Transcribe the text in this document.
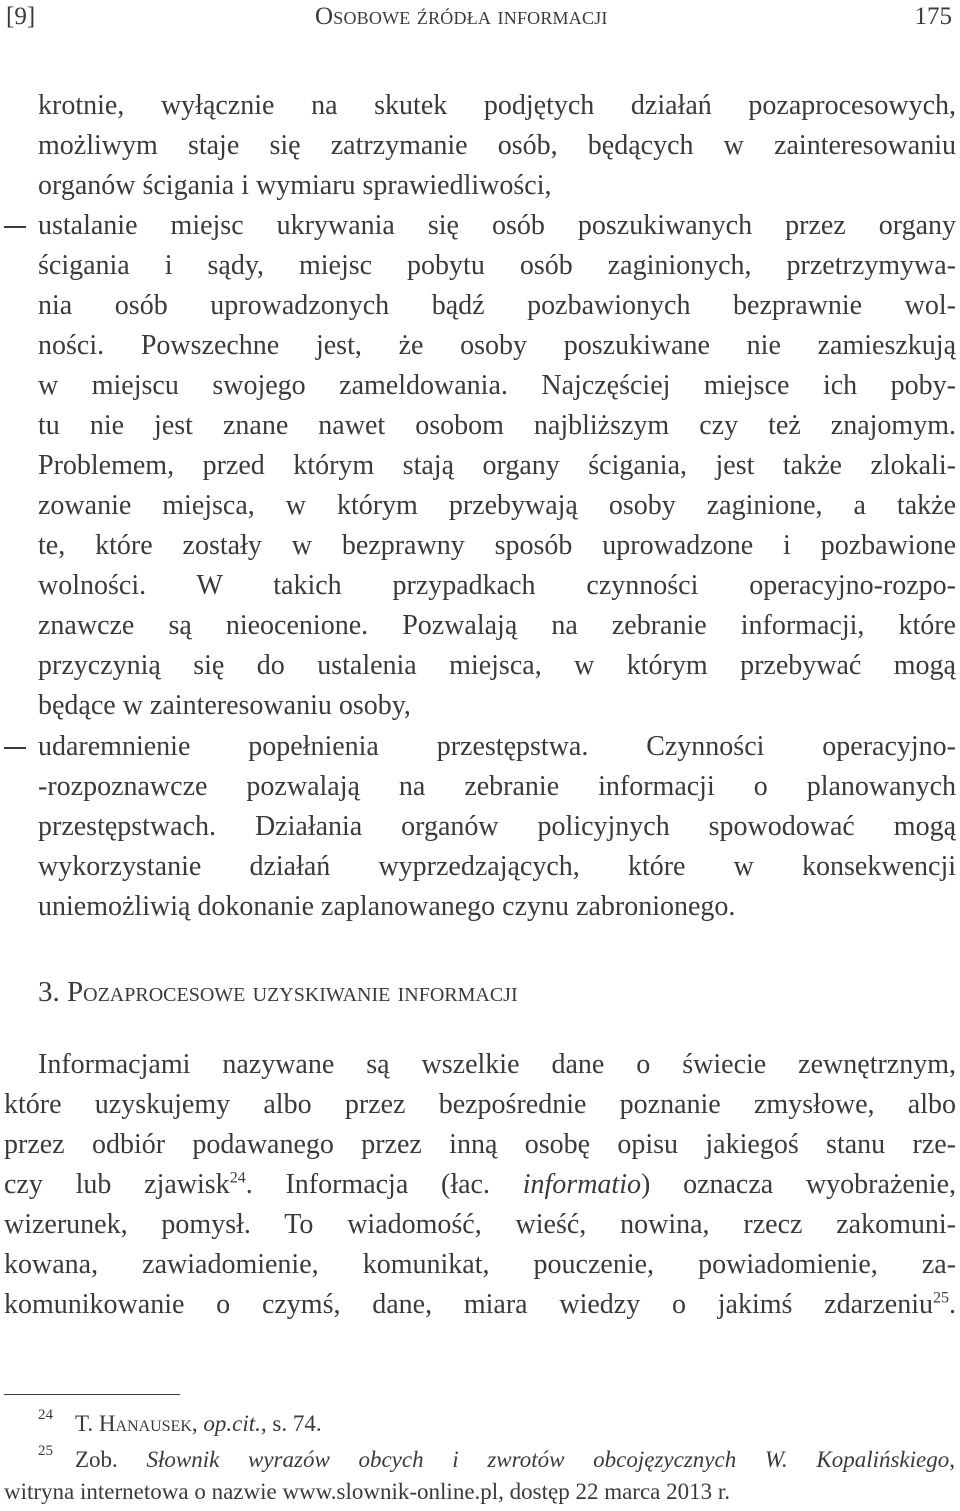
[9]	Osobowe źródła informacji	175
krotnie, wyłącznie na skutek podjętych działań pozaprocesowych,
możliwym staje się zatrzymanie osób, będących w zainteresowaniu
organów ścigania i wymiaru sprawiedliwości,
ustalanie miejsc ukrywania się osób poszukiwanych przez organy
ścigania i sądy, miejsc pobytu osób zaginionych, przetrzymywa-
nia osób uprowadzonych bądź pozbawionych bezprawnie wol-
ności. Powszechne jest, że osoby poszukiwane nie zamieszkują
w miejscu swojego zameldowania. Najczęściej miejsce ich poby-
tu nie jest znane nawet osobom najbliższym czy też znajomym.
Problemem, przed którym stają organy ścigania, jest także zlokali-
zowanie miejsca, w którym przebywają osoby zaginione, a także
te, które zostały w bezprawny sposób uprowadzone i pozbawione
wolności. W takich przypadkach czynności operacyjno-rozpo-
znawcze są nieocenione. Pozwalają na zebranie informacji, które
przyczynią się do ustalenia miejsca, w którym przebywać mogą
będące w zainteresowaniu osoby,
udaremnienie popełnienia przestępstwa. Czynności operacyjno-
-rozpoznawcze pozwalają na zebranie informacji o planowanych
przestępstwach. Działania organów policyjnych spowodować mogą
wykorzystanie działań wyprzedzających, które w konsekwencji
uniemożliwią dokonanie zaplanowanego czynu zabronionego.
3. Pozaprocesowe uzyskiwanie informacji
Informacjami nazywane są wszelkie dane o świecie zewnętrznym,
które uzyskujemy albo przez bezpośrednie poznanie zmysłowe, albo
przez odbiór podawanego przez inną osobę opisu jakiegoś stanu rze-
czy lub zjawisk$^{24}$. Informacja (łac. informatio) oznacza wyobrażenie,
wizerunek, pomysł. To wiadomość, wieść, nowina, rzecz zakomuni-
kowana, zawiadomienie, komunikat, pouczenie, powiadomienie, za-
komunikowanie o czymś, dane, miara wiedzy o jakimś zdarzeniu$^{25}$.
24 T. Hanausek, op.cit., s. 74.
25 Zob. Słownik wyrazów obcych i zwrotów obcojęzycznych W. Kopalińskiego,
witryna internetowa o nazwie www.slownik-online.pl, dostęp 22 marca 2013 r.
